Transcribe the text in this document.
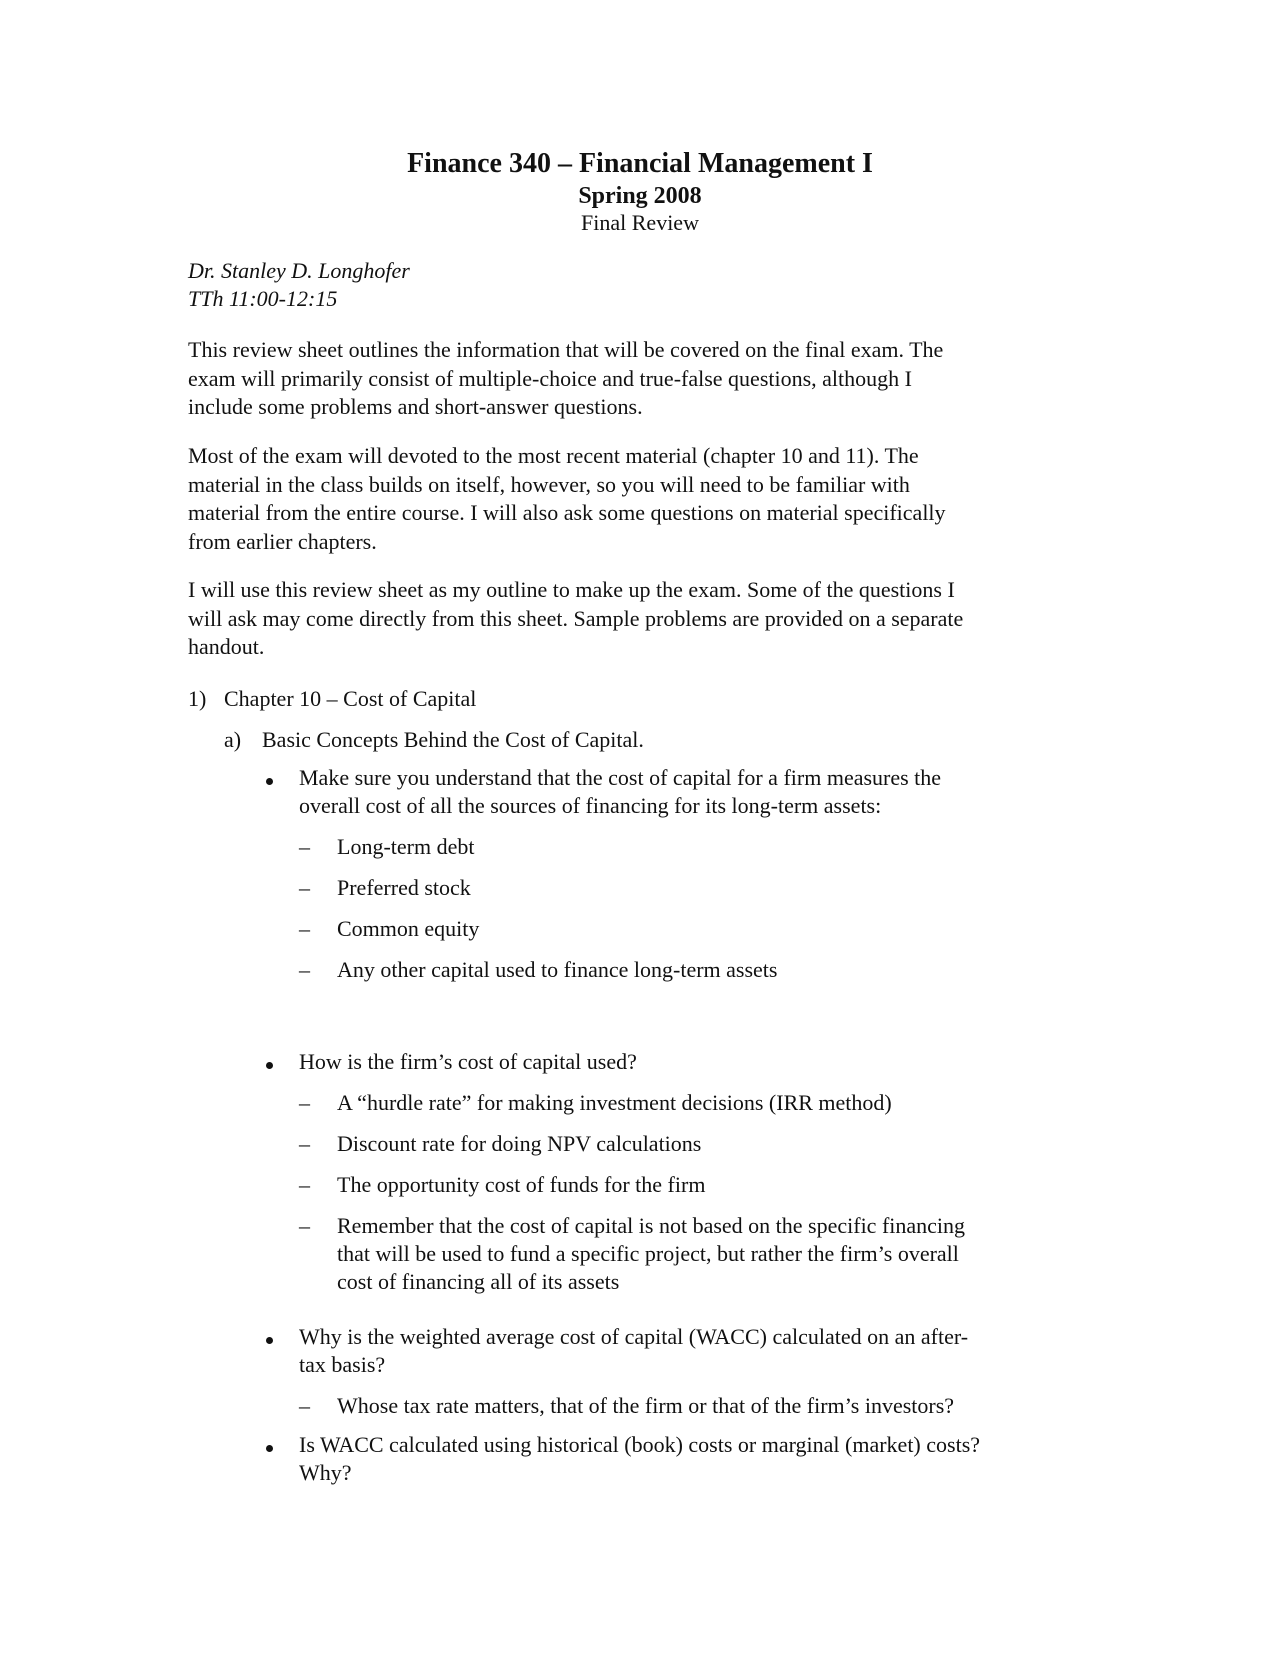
Finance 340 – Financial Management I
Spring 2008
Final Review
Dr. Stanley D. Longhofer
TTh 11:00-12:15
This review sheet outlines the information that will be covered on the final exam. The
exam will primarily consist of multiple-choice and true-false questions, although I
include some problems and short-answer questions.
Most of the exam will devoted to the most recent material (chapter 10 and 11). The
material in the class builds on itself, however, so you will need to be familiar with
material from the entire course. I will also ask some questions on material specifically
from earlier chapters.
I will use this review sheet as my outline to make up the exam. Some of the questions I
will ask may come directly from this sheet. Sample problems are provided on a separate
handout.
1) Chapter 10 – Cost of Capital
a) Basic Concepts Behind the Cost of Capital.
Make sure you understand that the cost of capital for a firm measures the
overall cost of all the sources of financing for its long-term assets:
– Long-term debt
– Preferred stock
– Common equity
– Any other capital used to finance long-term assets
How is the firm’s cost of capital used?
– A “hurdle rate” for making investment decisions (IRR method)
– Discount rate for doing NPV calculations
– The opportunity cost of funds for the firm
– Remember that the cost of capital is not based on the specific financing
that will be used to fund a specific project, but rather the firm’s overall
cost of financing all of its assets
Why is the weighted average cost of capital (WACC) calculated on an after-
tax basis?
– Whose tax rate matters, that of the firm or that of the firm’s investors?
Is WACC calculated using historical (book) costs or marginal (market) costs?
Why?
